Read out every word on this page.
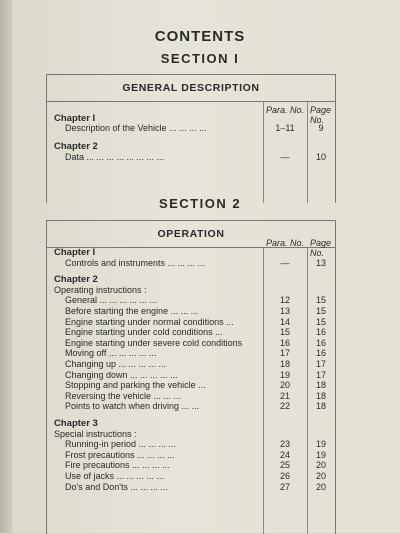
CONTENTS
SECTION I
GENERAL DESCRIPTION
Para. No. Page No.
Chapter I
Description of the Vehicle ... ... ... ...	1–11	9
Chapter 2
Data ... ... ... ... ... ... ... ...	—	10
SECTION 2
OPERATION
Para. No. Page No.
Chapter I
Controls and instruments ... ... ... ...	—	13
Chapter 2
Operating instructions :
General ... ... ... ... ... ...	12	15
Before starting the engine ... ... ...	13	15
Engine starting under normal conditions ...	14	15
Engine starting under cold conditions ...	15	16
Engine starting under severe cold conditions	16	16
Moving off ... ... ... ... ...	17	16
Changing up ... ... ... ... ...	18	17
Changing down ... ... ... ... ...	19	17
Stopping and parking the vehicle ...	20	18
Reversing the vehicle ... ... ...	21	18
Points to watch when driving ... ...	22	18
Chapter 3
Special instructions :
Running-in period ... ... ... ...	23	19
Frost precautions ... ... ... ...	24	19
Fire precautions ... ... ... ...	25	20
Use of jacks ... ... ... ... ...	26	20
Do's and Don'ts ... ... ... ...	27	20
